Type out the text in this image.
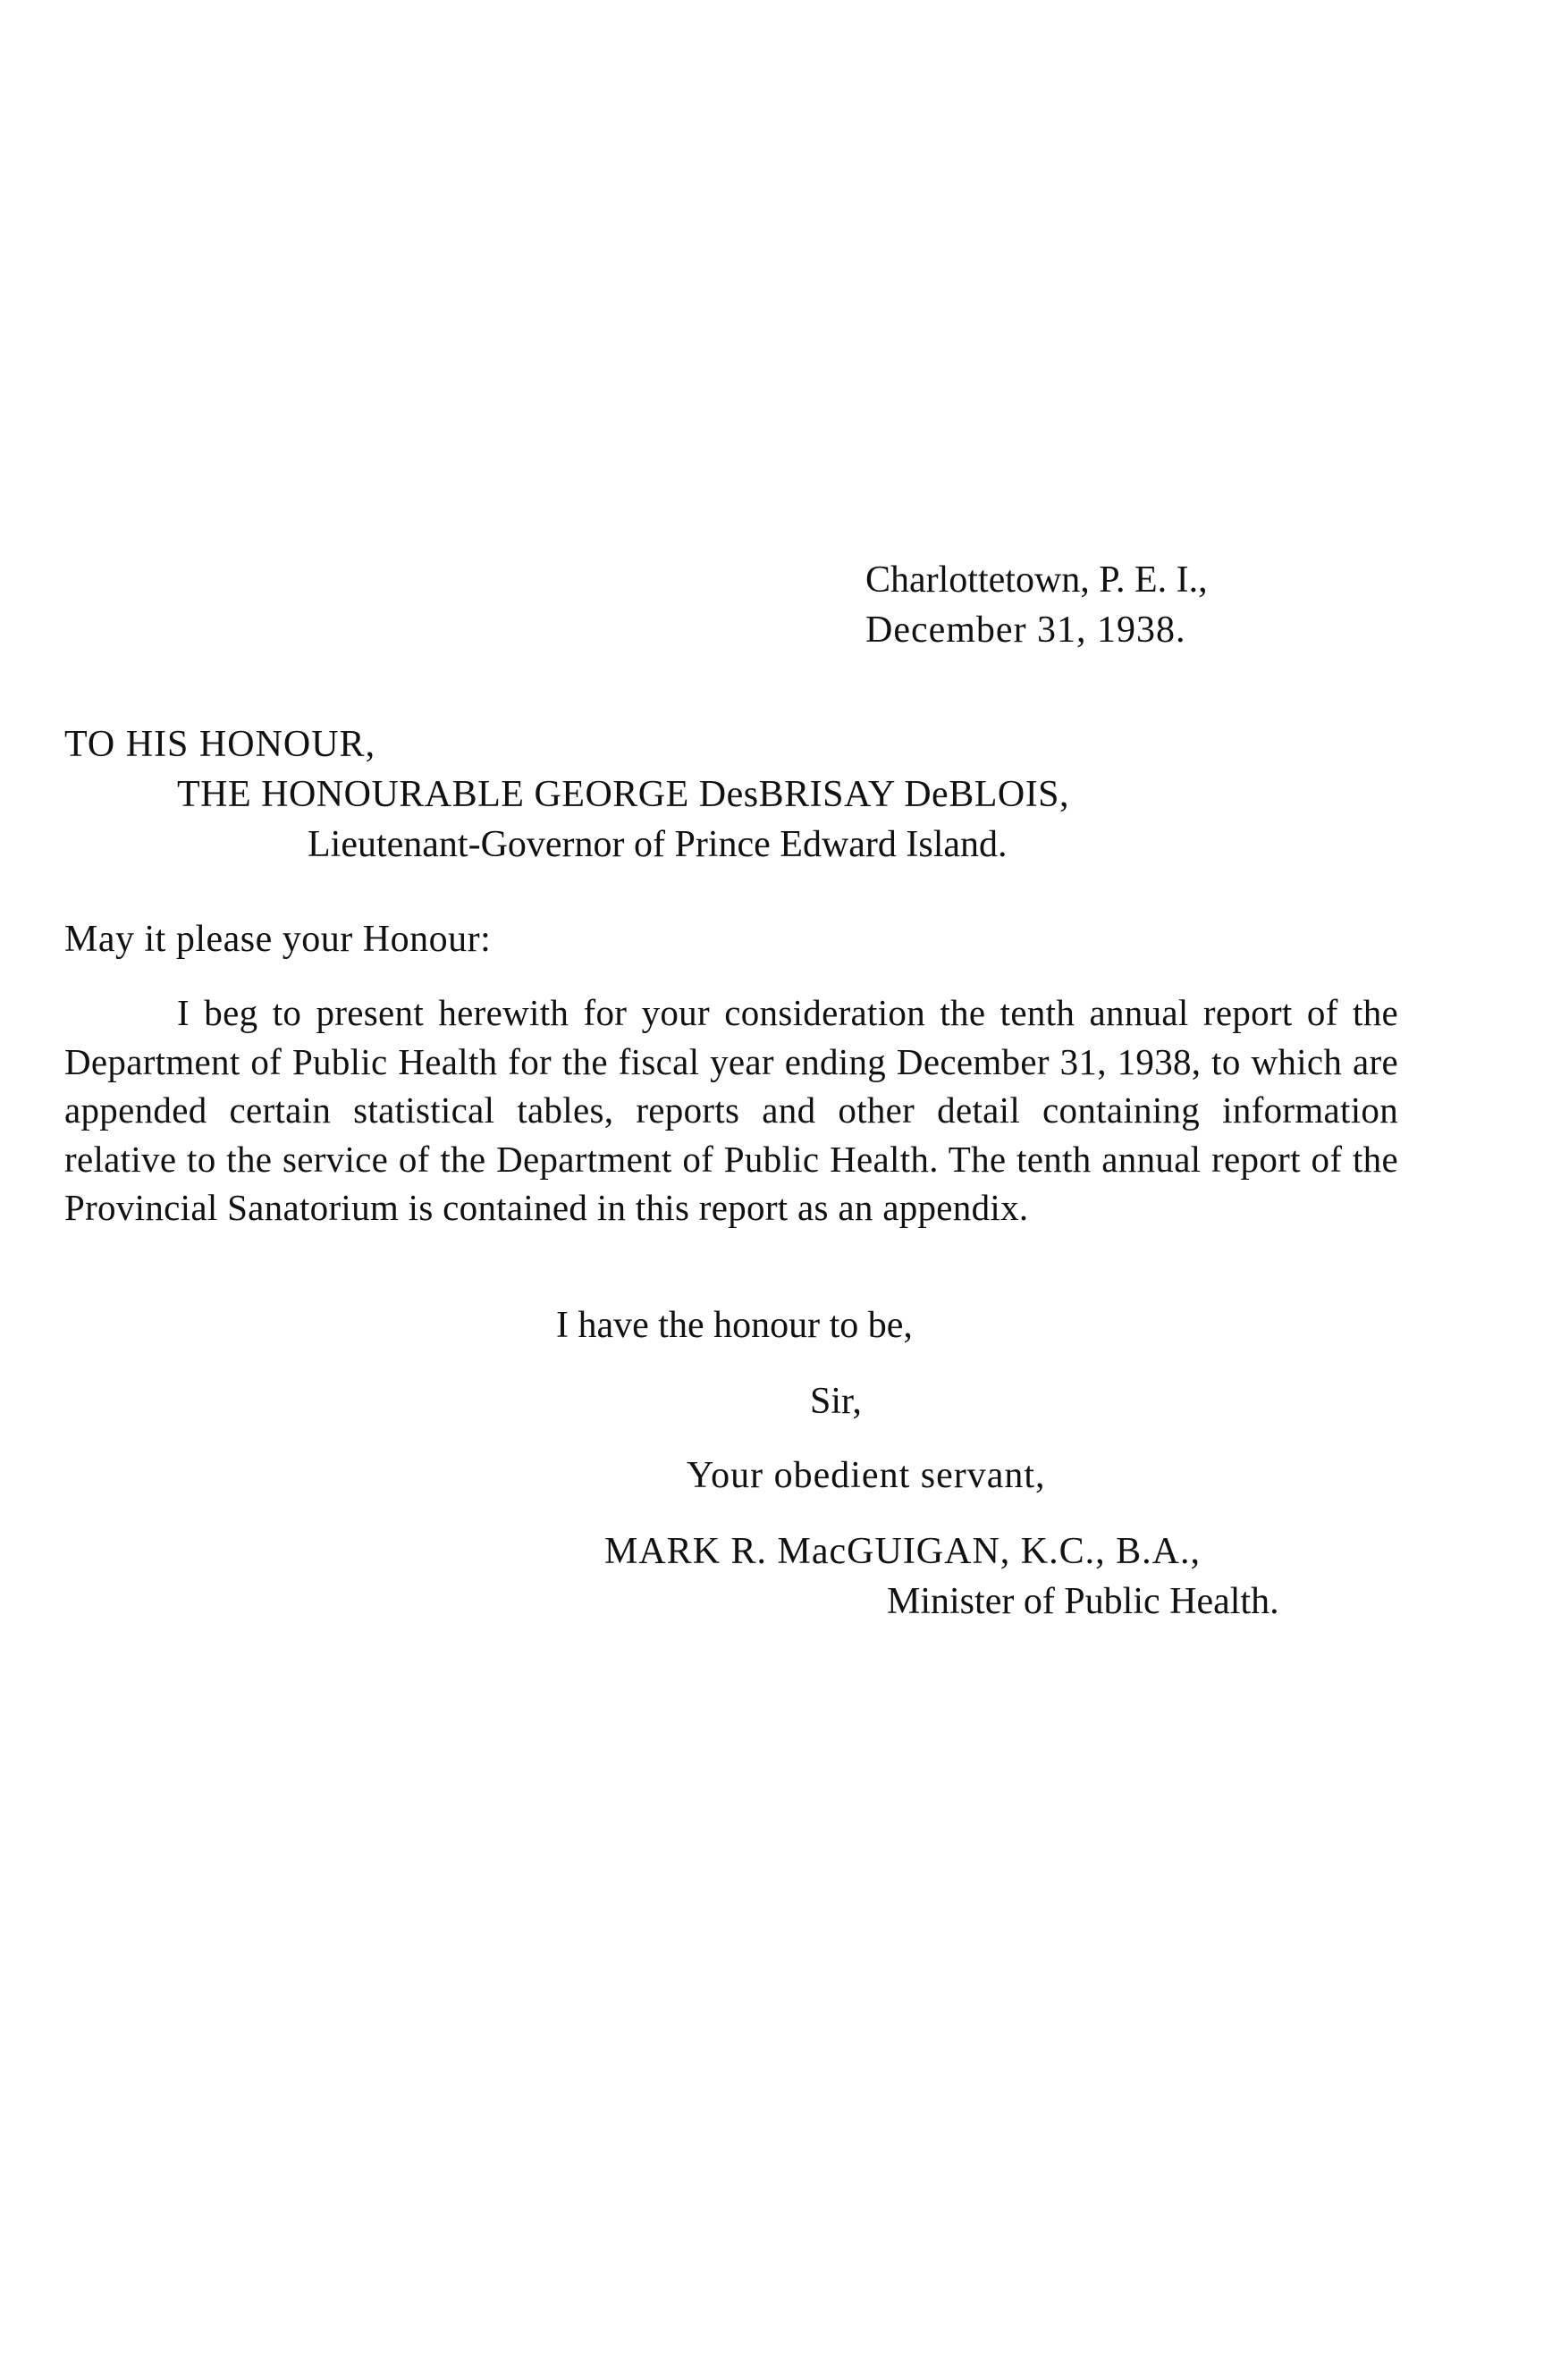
Charlottetown, P. E. I.,

December 31, 1938.

TO HIS HONOUR,

THE HONOURABLE GEORGE DesBRISAY DeBLOIS,

Lieutenant-Governor of Prince Edward Island.

May it please your Honour:

I beg to present herewith for your consideration the tenth annual report of the Department of Public Health for the fiscal year ending December 31, 1938, to which are appended certain statistical tables, reports and other detail containing information relative to the service of the Department of Public Health. The tenth annual report of the Provincial Sanatorium is contained in this report as an appendix.

I have the honour to be,

Sir,

Your obedient servant,

MARK R. MacGUIGAN, K.C., B.A.,

Minister of Public Health.
